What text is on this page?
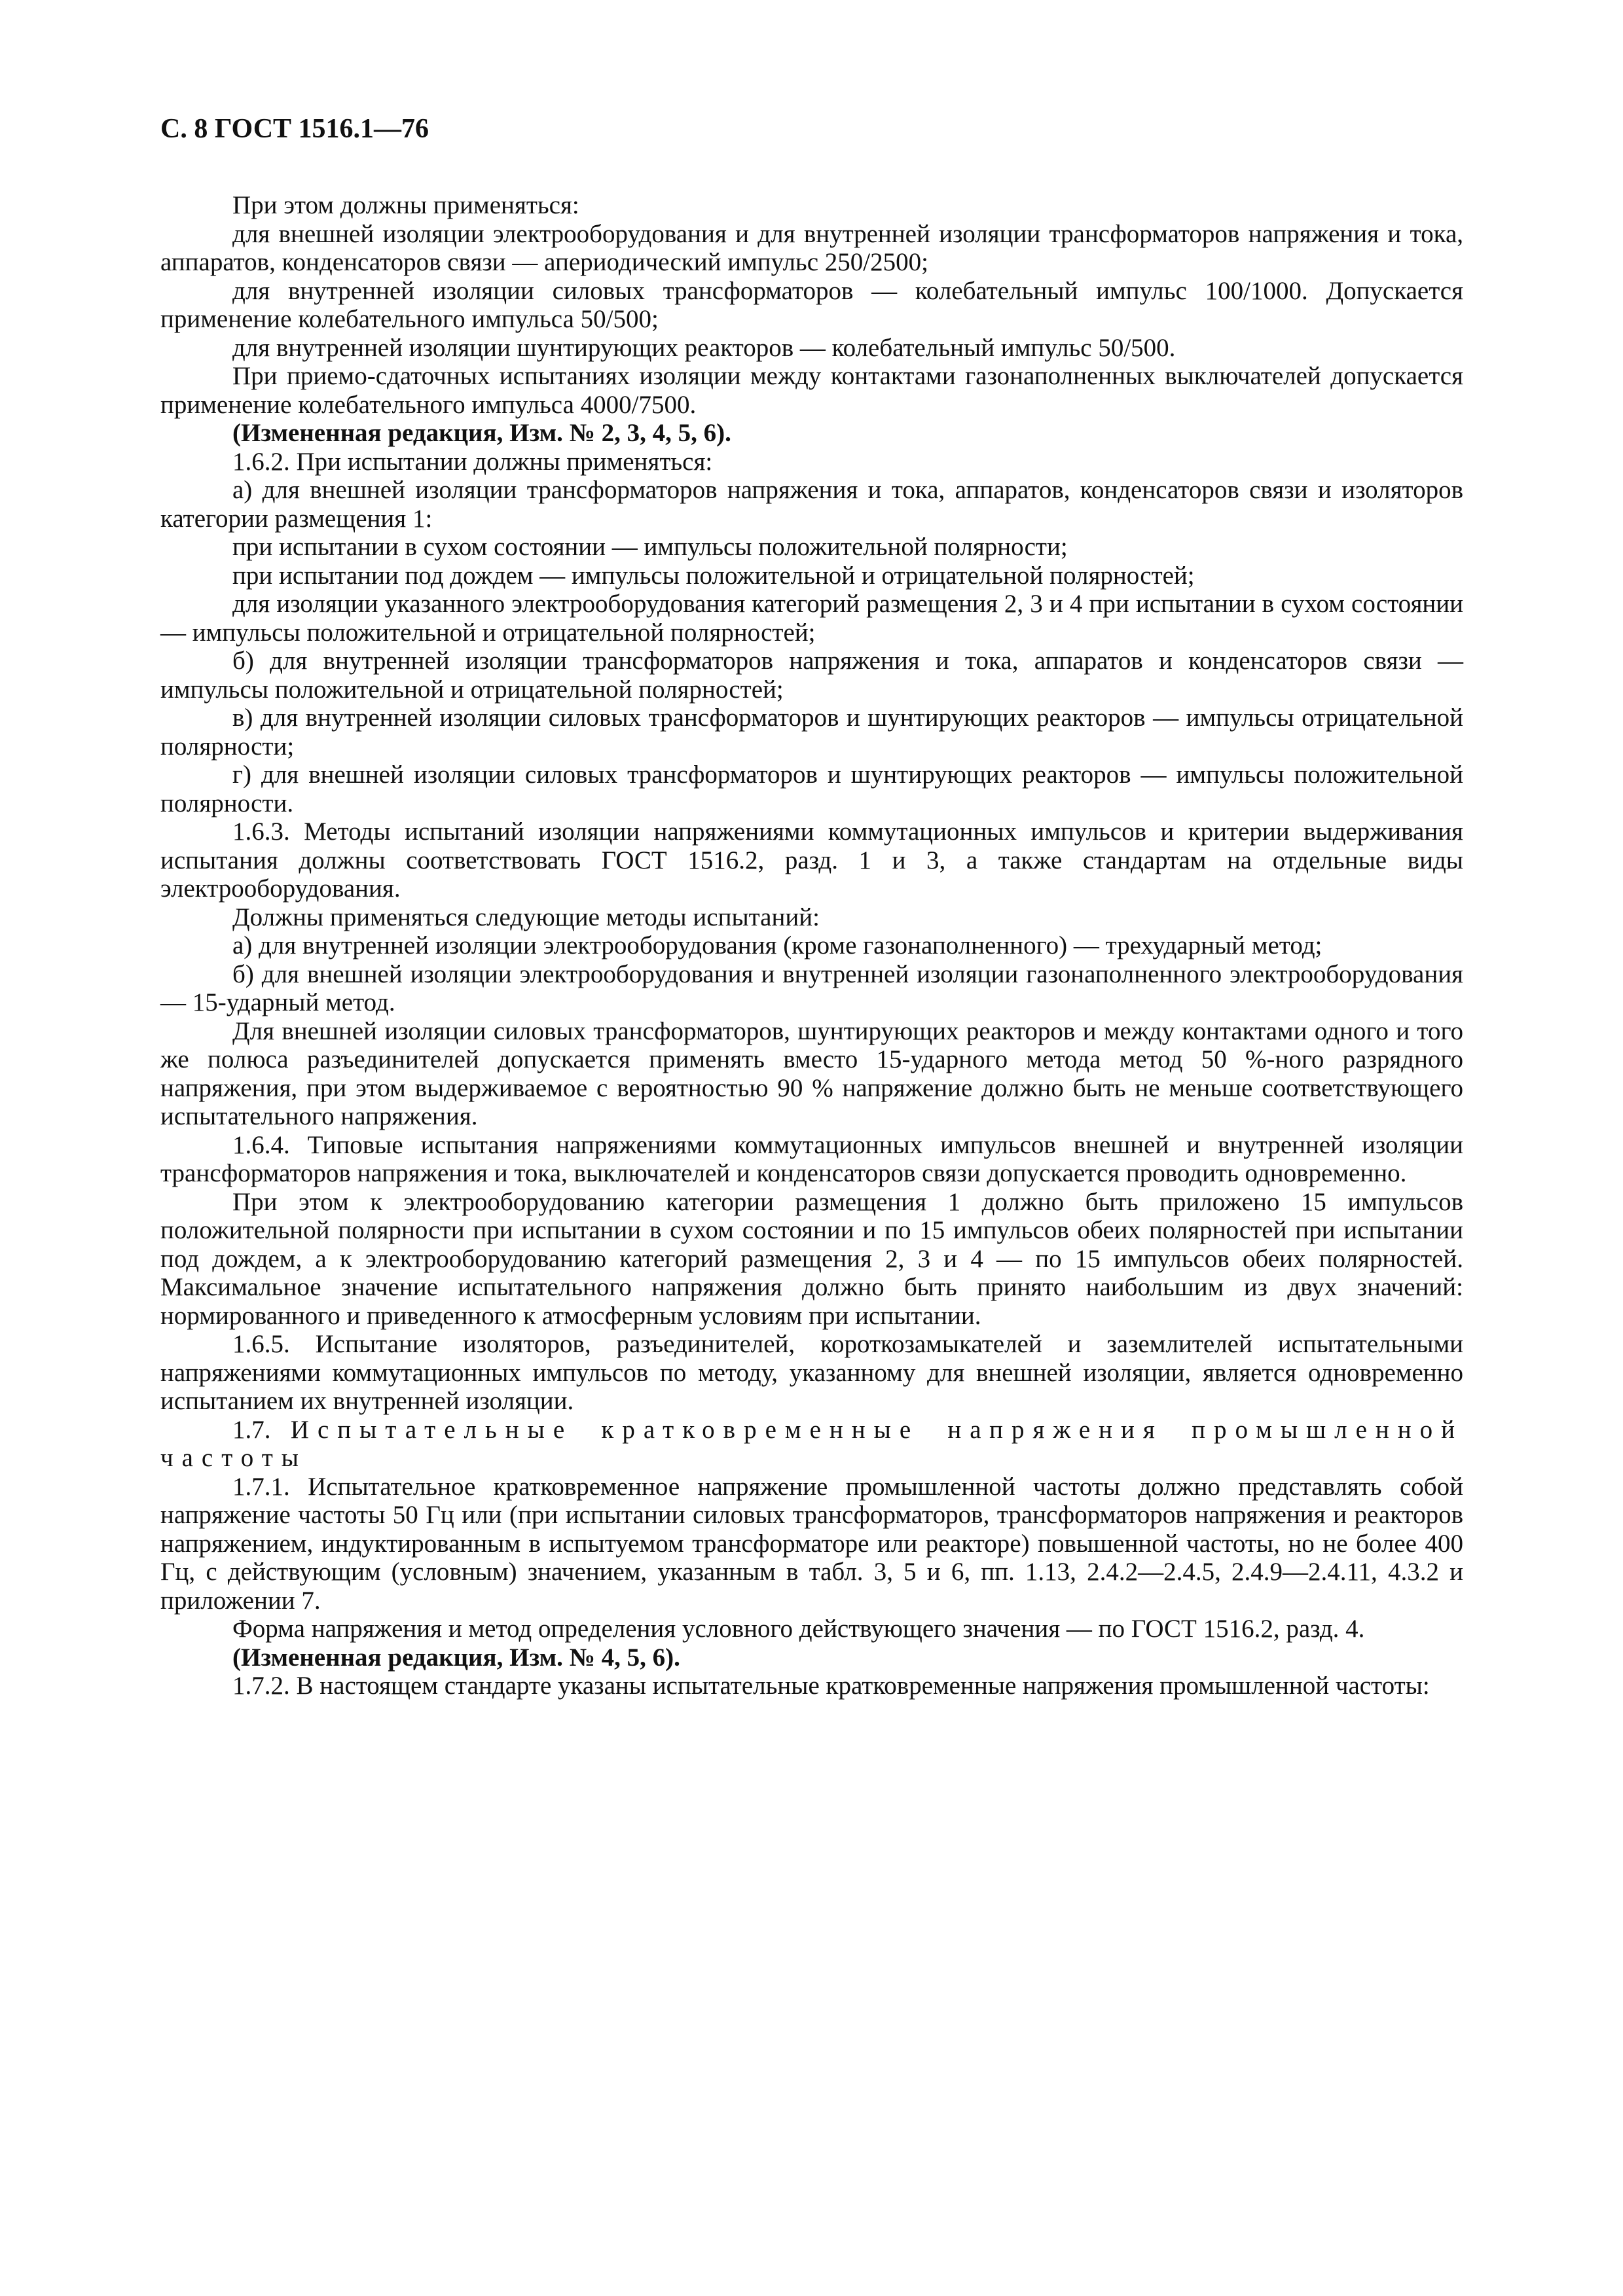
С. 8 ГОСТ 1516.1—76

При этом должны применяться:

для внешней изоляции электрооборудования и для внутренней изоляции трансформаторов напряжения и тока, аппаратов, конденсаторов связи — апериодический импульс 250/2500;

для внутренней изоляции силовых трансформаторов — колебательный импульс 100/1000. Допускается применение колебательного импульса 50/500;

для внутренней изоляции шунтирующих реакторов — колебательный импульс 50/500.

При приемо-сдаточных испытаниях изоляции между контактами газонаполненных выключателей допускается применение колебательного импульса 4000/7500.

(Измененная редакция, Изм. № 2, 3, 4, 5, 6).

1.6.2. При испытании должны применяться:

а) для внешней изоляции трансформаторов напряжения и тока, аппаратов, конденсаторов связи и изоляторов категории размещения 1:

при испытании в сухом состоянии — импульсы положительной полярности;

при испытании под дождем — импульсы положительной и отрицательной полярностей;

для изоляции указанного электрооборудования категорий размещения 2, 3 и 4 при испытании в сухом состоянии — импульсы положительной и отрицательной полярностей;

б) для внутренней изоляции трансформаторов напряжения и тока, аппаратов и конденсаторов связи — импульсы положительной и отрицательной полярностей;

в) для внутренней изоляции силовых трансформаторов и шунтирующих реакторов — импульсы отрицательной полярности;

г) для внешней изоляции силовых трансформаторов и шунтирующих реакторов — импульсы положительной полярности.

1.6.3. Методы испытаний изоляции напряжениями коммутационных импульсов и критерии выдерживания испытания должны соответствовать ГОСТ 1516.2, разд. 1 и 3, а также стандартам на отдельные виды электрооборудования.

Должны применяться следующие методы испытаний:

а) для внутренней изоляции электрооборудования (кроме газонаполненного) — трехударный метод;

б) для внешней изоляции электрооборудования и внутренней изоляции газонаполненного электрооборудования — 15-ударный метод.

Для внешней изоляции силовых трансформаторов, шунтирующих реакторов и между контактами одного и того же полюса разъединителей допускается применять вместо 15-ударного метода метод 50 %-ного разрядного напряжения, при этом выдерживаемое с вероятностью 90 % напряжение должно быть не меньше соответствующего испытательного напряжения.

1.6.4. Типовые испытания напряжениями коммутационных импульсов внешней и внутренней изоляции трансформаторов напряжения и тока, выключателей и конденсаторов связи допускается проводить одновременно.

При этом к электрооборудованию категории размещения 1 должно быть приложено 15 импульсов положительной полярности при испытании в сухом состоянии и по 15 импульсов обеих полярностей при испытании под дождем, а к электрооборудованию категорий размещения 2, 3 и 4 — по 15 импульсов обеих полярностей. Максимальное значение испытательного напряжения должно быть принято наибольшим из двух значений: нормированного и приведенного к атмосферным условиям при испытании.

1.6.5. Испытание изоляторов, разъединителей, короткозамыкателей и заземлителей испытательными напряжениями коммутационных импульсов по методу, указанному для внешней изоляции, является одновременно испытанием их внутренней изоляции.

1.7. Испытательные кратковременные напряжения промышленной частоты

1.7.1. Испытательное кратковременное напряжение промышленной частоты должно представлять собой напряжение частоты 50 Гц или (при испытании силовых трансформаторов, трансформаторов напряжения и реакторов напряжением, индуктированным в испытуемом трансформаторе или реакторе) повышенной частоты, но не более 400 Гц, с действующим (условным) значением, указанным в табл. 3, 5 и 6, пп. 1.13, 2.4.2—2.4.5, 2.4.9—2.4.11, 4.3.2 и приложении 7.

Форма напряжения и метод определения условного действующего значения — по ГОСТ 1516.2, разд. 4.

(Измененная редакция, Изм. № 4, 5, 6).

1.7.2. В настоящем стандарте указаны испытательные кратковременные напряжения промышленной частоты:
